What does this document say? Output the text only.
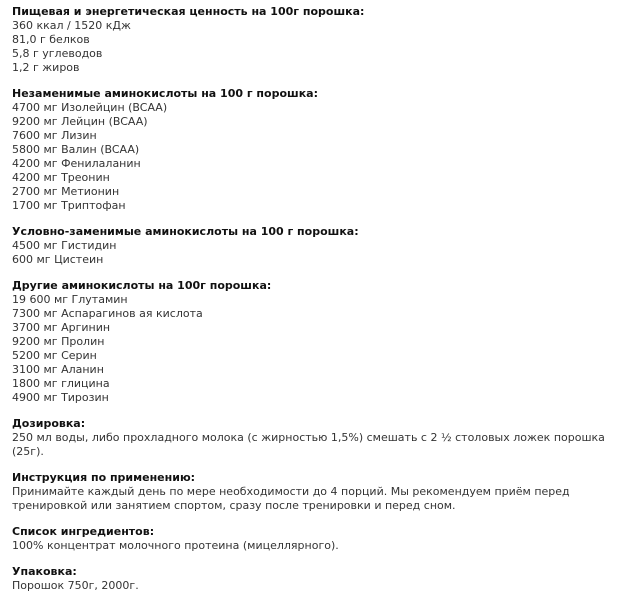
Пищевая и энергетическая ценность на 100г порошка:
360 ккал / 1520 кДж
81,0 г белков
5,8 г углеводов
1,2 г жиров
Незаменимые аминокислоты на 100 г порошка:
4700 мг Изолейцин (BCAA)
9200 мг Лейцин (BCAA)
7600 мг Лизин
5800 мг Валин (BCAA)
4200 мг Фенилаланин
4200 мг Треонин
2700 мг Метионин
1700 мг Триптофан
Условно-заменимые аминокислоты на 100 г порошка:
4500 мг Гистидин
600 мг Цистеин
Другие аминокислоты на 100г порошка:
19 600 мг Глутамин
7300 мг Аспарагинов ая кислота
3700 мг Аргинин
9200 мг Пролин
5200 мг Серин
3100 мг Аланин
1800 мг глицина
4900 мг Тирозин
Дозировка:
250 мл воды, либо прохладного молока (с жирностью 1,5%) смешать с 2 ½ столовых ложек порошка (25г).
Инструкция по применению:
Принимайте каждый день по мере необходимости до 4 порций. Мы рекомендуем приём перед тренировкой или занятием спортом, сразу после тренировки и перед сном.
Список ингредиентов:
100% концентрат молочного протеина (мицеллярного).
Упаковка:
Порошок 750г, 2000г.
